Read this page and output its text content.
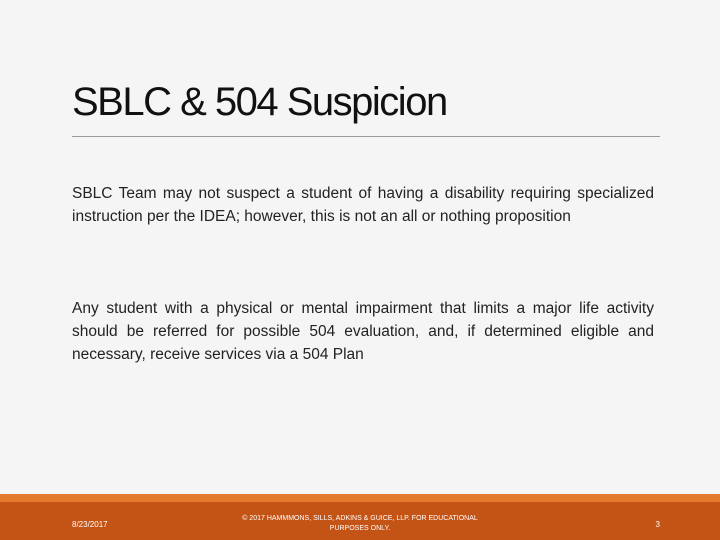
SBLC & 504 Suspicion

SBLC Team may not suspect a student of having a disability requiring specialized instruction per the IDEA; however, this is not an all or nothing proposition

Any student with a physical or mental impairment that limits a major life activity should be referred for possible 504 evaluation, and, if determined eligible and necessary, receive services via a 504 Plan

8/23/2017
© 2017 HAMMMONS, SILLS, ADKINS & GUICE, LLP. FOR EDUCATIONAL PURPOSES ONLY.	3
